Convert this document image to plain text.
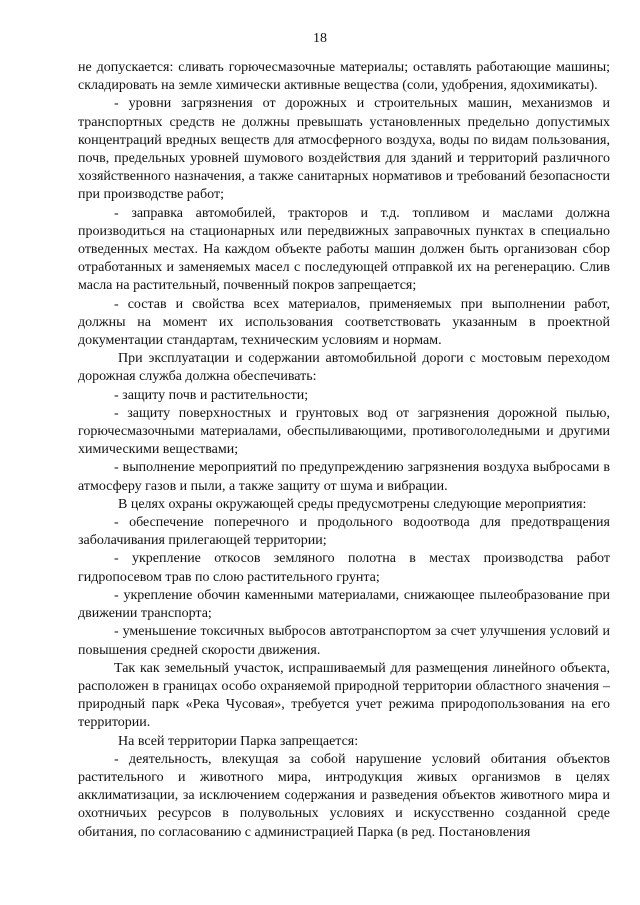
18

не допускается: сливать горючесмазочные материалы; оставлять работающие машины; складировать на земле химически активные вещества (соли, удобрения, ядохимикаты).

- уровни загрязнения от дорожных и строительных машин, механизмов и транспортных средств не должны превышать установленных предельно допустимых концентраций вредных веществ для атмосферного воздуха, воды по видам пользования, почв, предельных уровней шумового воздействия для зданий и территорий различного хозяйственного назначения, а также санитарных нормативов и требований безопасности при производстве работ;

- заправка автомобилей, тракторов и т.д. топливом и маслами должна производиться на стационарных или передвижных заправочных пунктах в специально отведенных местах. На каждом объекте работы машин должен быть организован сбор отработанных и заменяемых масел с последующей отправкой их на регенерацию. Слив масла на растительный, почвенный покров запрещается;

- состав и свойства всех материалов, применяемых при выполнении работ, должны на момент их использования соответствовать указанным в проектной документации стандартам, техническим условиям и нормам.

При эксплуатации и содержании автомобильной дороги с мостовым переходом дорожная служба должна обеспечивать:

- защиту почв и растительности;

- защиту поверхностных и грунтовых вод от загрязнения дорожной пылью, горючесмазочными материалами, обеспыливающими, противогололедными и другими химическими веществами;

- выполнение мероприятий по предупреждению загрязнения воздуха выбросами в атмосферу газов и пыли, а также защиту от шума и вибрации.

В целях охраны окружающей среды предусмотрены следующие мероприятия:

- обеспечение поперечного и продольного водоотвода для предотвращения заболачивания прилегающей территории;

- укрепление откосов земляного полотна в местах производства работ гидропосевом трав по слою растительного грунта;

- укрепление обочин каменными материалами, снижающее пылеобразование при движении транспорта;

- уменьшение токсичных выбросов автотранспортом за счет улучшения условий и повышения средней скорости движения.

Так как земельный участок, испрашиваемый для размещения линейного объекта, расположен в границах особо охраняемой природной территории областного значения – природный парк «Река Чусовая», требуется учет режима природопользования на его территории.

На всей территории Парка запрещается:

- деятельность, влекущая за собой нарушение условий обитания объектов растительного и животного мира, интродукция живых организмов в целях акклиматизации, за исключением содержания и разведения объектов животного мира и охотничьих ресурсов в полувольных условиях и искусственно созданной среде обитания, по согласованию с администрацией Парка (в ред. Постановления
